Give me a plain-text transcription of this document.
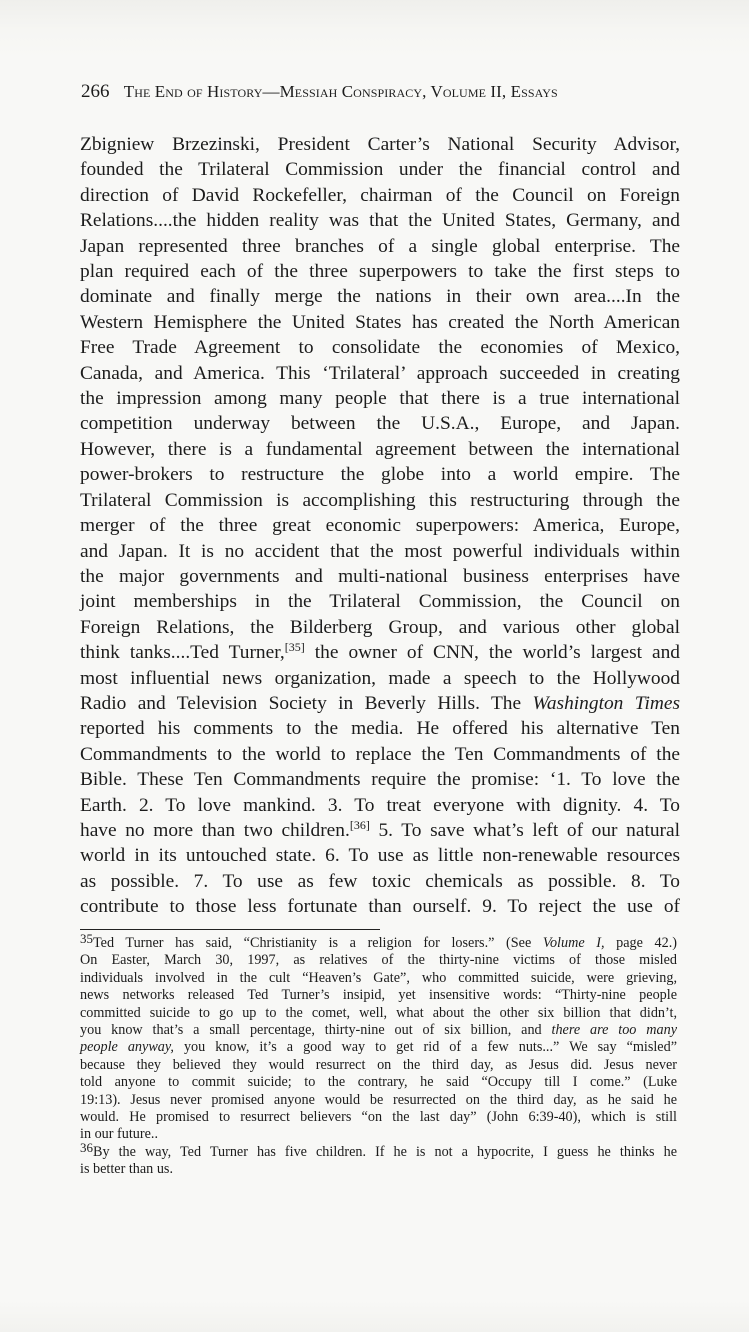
266 The End of History—Messiah Conspiracy, Volume II, Essays
Zbigniew Brzezinski, President Carter’s National Security Advisor,
founded the Trilateral Commission under the financial control and
direction of David Rockefeller, chairman of the Council on Foreign
Relations....the hidden reality was that the United States, Germany, and
Japan represented three branches of a single global enterprise. The
plan required each of the three superpowers to take the first steps to
dominate and finally merge the nations in their own area....In the
Western Hemisphere the United States has created the North American
Free Trade Agreement to consolidate the economies of Mexico,
Canada, and America. This ‘Trilateral’ approach succeeded in creating
the impression among many people that there is a true international
competition underway between the U.S.A., Europe, and Japan.
However, there is a fundamental agreement between the international
power-brokers to restructure the globe into a world empire. The
Trilateral Commission is accomplishing this restructuring through the
merger of the three great economic superpowers: America, Europe,
and Japan. It is no accident that the most powerful individuals within
the major governments and multi-national business enterprises have
joint memberships in the Trilateral Commission, the Council on
Foreign Relations, the Bilderberg Group, and various other global
think tanks....Ted Turner,[35] the owner of CNN, the world’s largest and
most influential news organization, made a speech to the Hollywood
Radio and Television Society in Beverly Hills. The Washington Times
reported his comments to the media. He offered his alternative Ten
Commandments to the world to replace the Ten Commandments of the
Bible. These Ten Commandments require the promise: ‘1. To love the
Earth. 2. To love mankind. 3. To treat everyone with dignity. 4. To
have no more than two children.[36] 5. To save what’s left of our natural
world in its untouched state. 6. To use as little non-renewable resources
as possible. 7. To use as few toxic chemicals as possible. 8. To
contribute to those less fortunate than ourself. 9. To reject the use of
35Ted Turner has said, “Christianity is a religion for losers.” (See Volume I, page 42.)
On Easter, March 30, 1997, as relatives of the thirty-nine victims of those misled
individuals involved in the cult “Heaven’s Gate”, who committed suicide, were grieving,
news networks released Ted Turner’s insipid, yet insensitive words: “Thirty-nine people
committed suicide to go up to the comet, well, what about the other six billion that didn’t,
you know that’s a small percentage, thirty-nine out of six billion, and there are too many
people anyway, you know, it’s a good way to get rid of a few nuts...” We say “misled”
because they believed they would resurrect on the third day, as Jesus did. Jesus never
told anyone to commit suicide; to the contrary, he said “Occupy till I come.” (Luke
19:13). Jesus never promised anyone would be resurrected on the third day, as he said he
would. He promised to resurrect believers “on the last day” (John 6:39-40), which is still
in our future..
36By the way, Ted Turner has five children. If he is not a hypocrite, I guess he thinks he
is better than us.
